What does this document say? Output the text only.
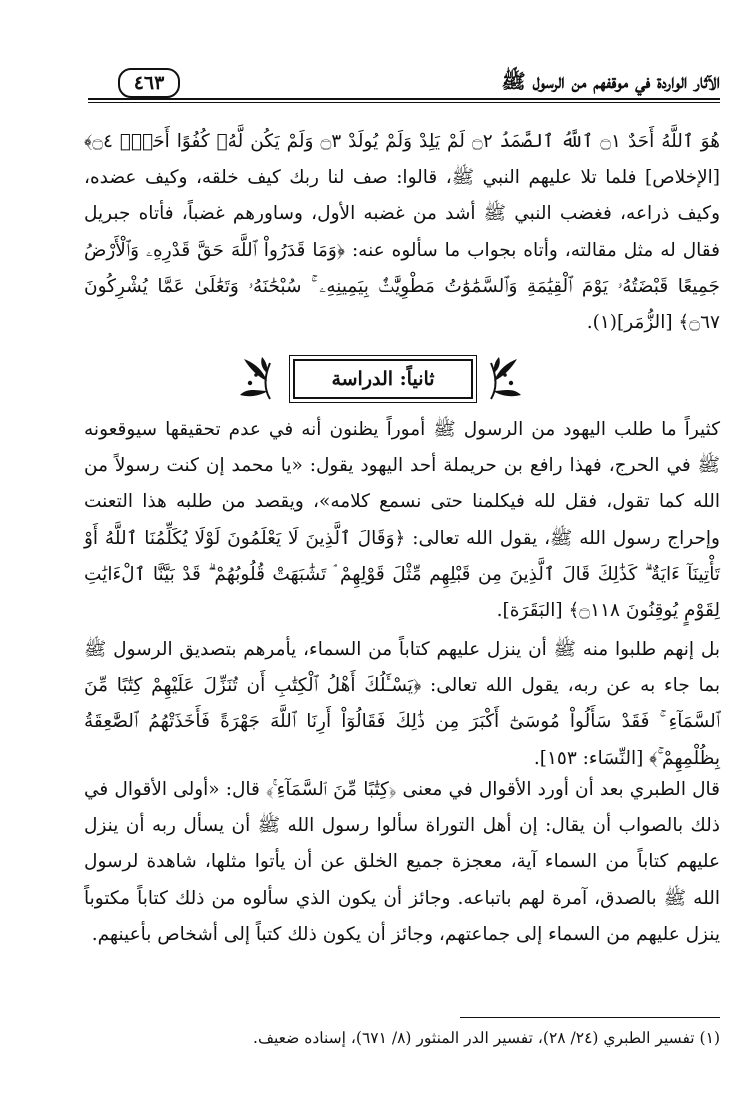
الآثار الواردة في موقفهم من الرسول ﷺ
٤٦٣

هُوَ ٱللَّهُ أَحَدٌ ۝١ ٱللَّهُ ٱلصَّمَدُ ۝٢ لَمْ يَلِدْ وَلَمْ يُولَدْ ۝٣ وَلَمْ يَكُن لَّهُۥ كُفُوًا أَحَدٌۢ ۝٤﴾ [الإخلاص] فلما تلا عليهم النبي ﷺ، قالوا: صف لنا ربك كيف خلقه، وكيف عضده، وكيف ذراعه، فغضب النبي ﷺ أشد من غضبه الأول، وساورهم غضباً، فأتاه جبريل فقال له مثل مقالته، وأتاه بجواب ما سألوه عنه: ﴿وَمَا قَدَرُواْ ٱللَّهَ حَقَّ قَدْرِهِۦ وَٱلْأَرْضُ جَمِيعًا قَبْضَتُهُۥ يَوْمَ ٱلْقِيَٰمَةِ وَٱلسَّمَٰوَٰتُ مَطْوِيَّٰتٌۢ بِيَمِينِهِۦ ۚ سُبْحَٰنَهُۥ وَتَعَٰلَىٰ عَمَّا يُشْرِكُونَ ۝٦٧﴾ [الزُّمَر](١).

ثانياً: الدراسة

كثيراً ما طلب اليهود من الرسول ﷺ أموراً يظنون أنه في عدم تحقيقها سيوقعونه ﷺ في الحرج، فهذا رافع بن حريملة أحد اليهود يقول: «يا محمد إن كنت رسولاً من الله كما تقول، فقل لله فيكلمنا حتى نسمع كلامه»، ويقصد من طلبه هذا التعنت وإحراج رسول الله ﷺ، يقول الله تعالى: ﴿وَقَالَ ٱلَّذِينَ لَا يَعْلَمُونَ لَوْلَا يُكَلِّمُنَا ٱللَّهُ أَوْ تَأْتِينَآ ءَايَةٌ ۗ كَذَٰلِكَ قَالَ ٱلَّذِينَ مِن قَبْلِهِم مِّثْلَ قَوْلِهِمْ ۘ تَشَٰبَهَتْ قُلُوبُهُمْ ۗ قَدْ بَيَّنَّا ٱلْءَايَٰتِ لِقَوْمٍ يُوقِنُونَ ۝١١٨﴾ [البَقَرَة].

بل إنهم طلبوا منه ﷺ أن ينزل عليهم كتاباً من السماء، يأمرهم بتصديق الرسول ﷺ بما جاء به عن ربه، يقول الله تعالى: ﴿يَسْـَٔلُكَ أَهْلُ ٱلْكِتَٰبِ أَن تُنَزِّلَ عَلَيْهِمْ كِتَٰبًا مِّنَ ٱلسَّمَآءِ ۚ فَقَدْ سَأَلُواْ مُوسَىٰٓ أَكْبَرَ مِن ذَٰلِكَ فَقَالُوٓاْ أَرِنَا ٱللَّهَ جَهْرَةً فَأَخَذَتْهُمُ ٱلصَّٰعِقَةُ بِظُلْمِهِمْ ۚ﴾ [النِّسَاء: ١٥٣].

قال الطبري بعد أن أورد الأقوال في معنى ﴿كِتَٰبًا مِّنَ ٱلسَّمَآءِ ۚ﴾ قال: «أولى الأقوال في ذلك بالصواب أن يقال: إن أهل التوراة سألوا رسول الله ﷺ أن يسأل ربه أن ينزل عليهم كتاباً من السماء آية، معجزة جميع الخلق عن أن يأتوا مثلها، شاهدة لرسول الله ﷺ بالصدق، آمرة لهم باتباعه. وجائز أن يكون الذي سألوه من ذلك كتاباً مكتوباً ينزل عليهم من السماء إلى جماعتهم، وجائز أن يكون ذلك كتباً إلى أشخاص بأعينهم.

(١) تفسير الطبري (٢٤/ ٢٨)، تفسير الدر المنثور (٨/ ٦٧١)، إسناده ضعيف.
